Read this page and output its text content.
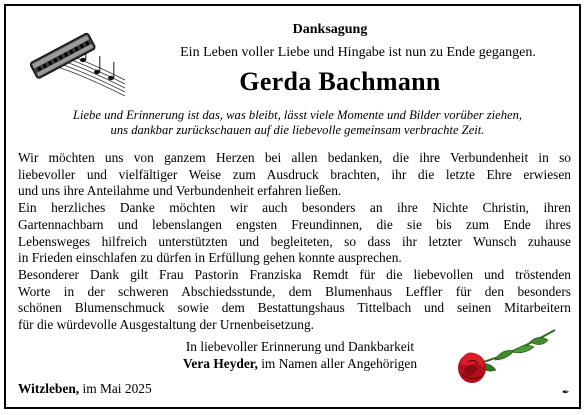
Danksagung
Ein Leben voller Liebe und Hingabe ist nun zu Ende gegangen.
Gerda Bachmann
Liebe und Erinnerung ist das, was bleibt, lässt viele Momente und Bilder vorüber ziehen,
uns dankbar zurückschauen auf die liebevolle gemeinsam verbrachte Zeit.
Wir möchten uns von ganzem Herzen bei allen bedanken, die ihre Verbundenheit in so
liebevoller und vielfältiger Weise zum Ausdruck brachten, ihr die letzte Ehre erwiesen
und uns ihre Anteilahme und Verbundenheit erfahren ließen.
Ein herzliches Danke möchten wir auch besonders an ihre Nichte Christin, ihren
Gartennachbarn und lebenslangen engsten Freundinnen, die sie bis zum Ende ihres
Lebensweges hilfreich unterstützten und begleiteten, so dass ihr letzter Wunsch zuhause
in Frieden einschlafen zu dürfen in Erfüllung gehen konnte ausprechen.
Besonderer Dank gilt Frau Pastorin Franziska Remdt für die liebevollen und tröstenden
Worte in der schweren Abschiedsstunde, dem Blumenhaus Leffler für den besonders
schönen Blumenschmuck sowie dem Bestattungshaus Tittelbach und seinen Mitarbeitern
für die würdevolle Ausgestaltung der Urnenbeisetzung.
In liebevoller Erinnerung und Dankbarkeit
Vera Heyder, im Namen aller Angehörigen
Witzleben, im Mai 2025	✒
